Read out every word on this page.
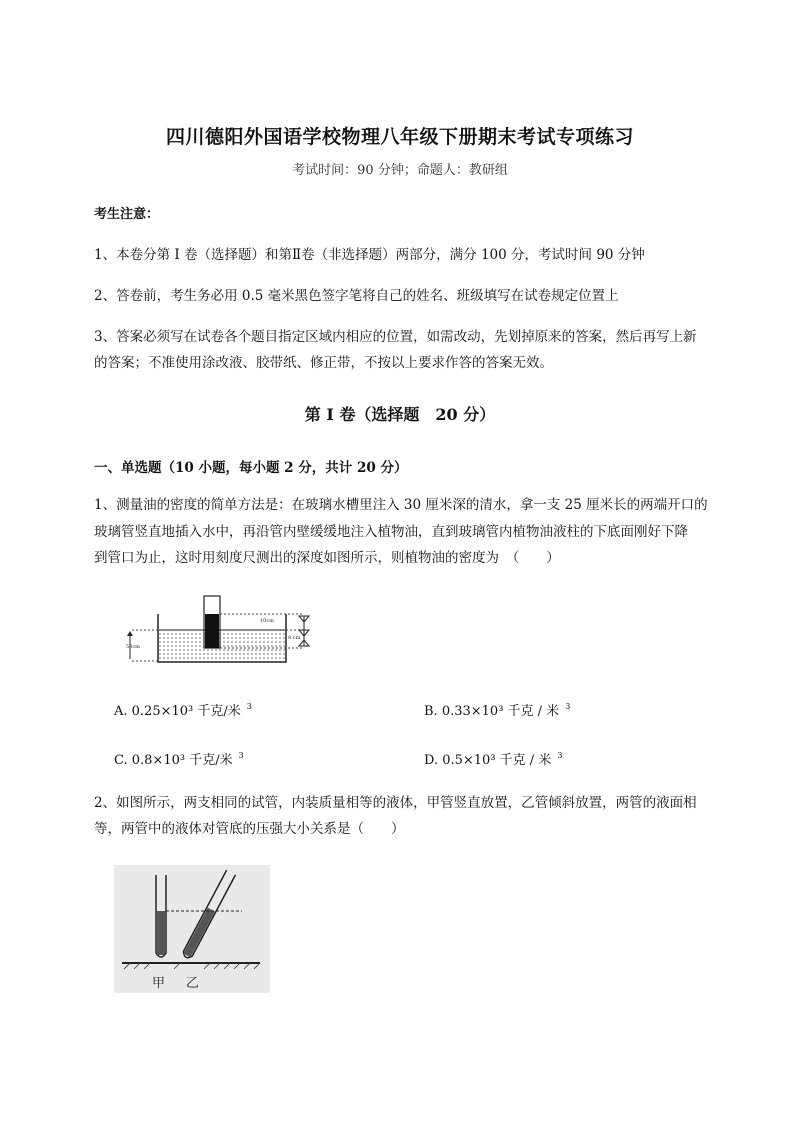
四川德阳外国语学校物理八年级下册期末考试专项练习
考试时间：90 分钟；命题人：教研组
考生注意：
1、本卷分第 I 卷（选择题）和第Ⅱ卷（非选择题）两部分，满分 100 分，考试时间 90 分钟
2、答卷前，考生务必用 0.5 毫米黑色签字笔将自己的姓名、班级填写在试卷规定位置上
3、答案必须写在试卷各个题目指定区域内相应的位置，如需改动，先划掉原来的答案，然后再写上新
的答案；不准使用涂改液、胶带纸、修正带，不按以上要求作答的答案无效。
第 I 卷（选择题　20 分）
一、单选题（10 小题，每小题 2 分，共计 20 分）
1、测量油的密度的简单方法是：在玻璃水槽里注入 30 厘米深的清水，拿一支 25 厘米长的两端开口的
玻璃管竖直地插入水中，再沿管内壁缓缓地注入植物油，直到玻璃管内植物油液柱的下底面刚好下降
到管口为止，这时用刻度尺测出的深度如图所示，则植物油的密度为　（　　）
50cm
10cm
8 cm
A. 0.25×10³ 千克/米 $^3$	B. 0.33×10³ 千克 / 米 $^3$
C. 0.8×10³ 千克/米 $^3$	D. 0.5×10³ 千克 / 米 $^3$
2、如图所示，两支相同的试管，内装质量相等的液体，甲管竖直放置，乙管倾斜放置，两管的液面相
等，两管中的液体对管底的压强大小关系是（　　）
甲 乙
